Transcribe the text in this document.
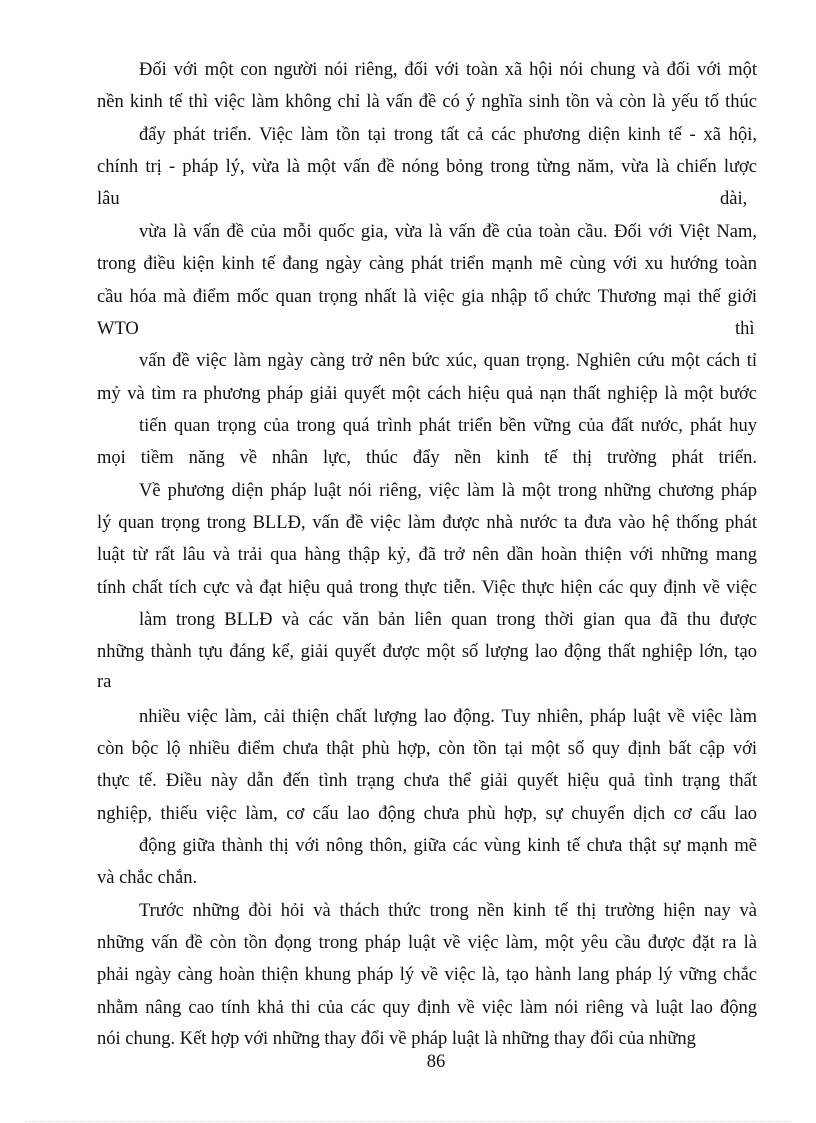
Đối với một con người nói riêng, đối với toàn xã hội nói chung và đối với một
nền kinh tế thì việc làm không chỉ là vấn đề có ý nghĩa sinh tồn và còn là yếu tố thúc
đẩy phát triển. Việc làm tồn tại trong tất cả các phương diện kinh tế - xã hội,
chính trị - pháp lý, vừa là một vấn đề nóng bỏng trong từng năm, vừa là chiến lược
lâu	dài,
vừa là vấn đề của mỗi quốc gia, vừa là vấn đề của toàn cầu. Đối với Việt Nam,
trong điều kiện kinh tế đang ngày càng phát triển mạnh mẽ cùng với xu hướng toàn
cầu hóa mà điểm mốc quan trọng nhất là việc gia nhập tổ chức Thương mại thế giới
WTO	thì
vấn đề việc làm ngày càng trở nên bức xúc, quan trọng. Nghiên cứu một cách tỉ
mỷ và tìm ra phương pháp giải quyết một cách hiệu quả nạn thất nghiệp là một bước
tiến quan trọng của trong quá trình phát triển bền vững của đất nước, phát huy
mọi tiềm năng về nhân lực, thúc đẩy nền kinh tế thị trường phát triển.
Về phương diện pháp luật nói riêng, việc làm là một trong những chương pháp
lý quan trọng trong BLLĐ, vấn đề việc làm được nhà nước ta đưa vào hệ thống phát
luật từ rất lâu và trải qua hàng thập kỷ, đã trở nên dần hoàn thiện với những mang
tính chất tích cực và đạt hiệu quả trong thực tiễn. Việc thực hiện các quy định về việc
làm trong BLLĐ và các văn bản liên quan trong thời gian qua đã thu được
những thành tựu đáng kể, giải quyết được một số lượng lao động thất nghiệp lớn, tạo
ra
nhiều việc làm, cải thiện chất lượng lao động. Tuy nhiên, pháp luật về việc làm
còn bộc lộ nhiều điểm chưa thật phù hợp, còn tồn tại một số quy định bất cập với
thực tế. Điều này dẫn đến tình trạng chưa thể giải quyết hiệu quả tình trạng thất
nghiệp, thiếu việc làm, cơ cấu lao động chưa phù hợp, sự chuyển dịch cơ cấu lao
động giữa thành thị với nông thôn, giữa các vùng kinh tế chưa thật sự mạnh mẽ
và chắc chắn.
Trước những đòi hỏi và thách thức trong nền kinh tế thị trường hiện nay và
những vấn đề còn tồn đọng trong pháp luật về việc làm, một yêu cầu được đặt ra là
phải ngày càng hoàn thiện khung pháp lý về việc là, tạo hành lang pháp lý vững chắc
nhằm nâng cao tính khả thi của các quy định về việc làm nói riêng và luật lao động
nói chung. Kết hợp với những thay đổi về pháp luật là những thay đổi của những
86
